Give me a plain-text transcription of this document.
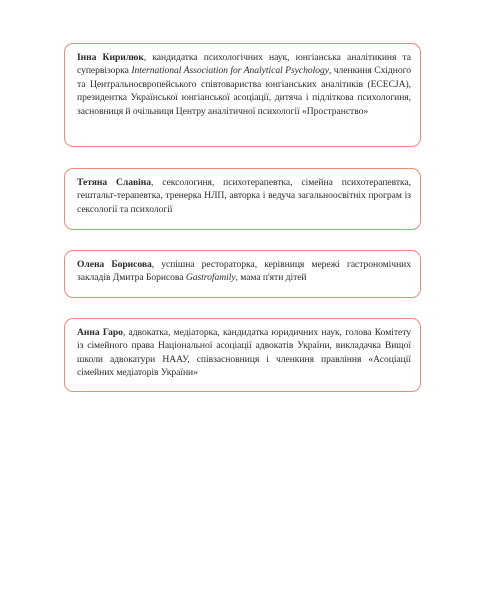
Інна Кирилюк, кандидатка психологічних наук, юнгіанська аналітикиня та супервізорка International Association for Analytical Psychology, членкиня Східного та Центральноєвропейського співтовариства юнгіанських аналітиків (ECECJA), президентка Української юнгіанської асоціації, дитяча і підліткова психологиня, засновниця й очільниця Центру аналітичної психології «Пространство»
Тетяна Славіна, сексологиня, психотерапевтка, сімейна психотерапевтка, гештальт-терапевтка, тренерка НЛП, авторка і ведуча загальноосвітніх програм із сексології та психології
Олена Борисова, успішна рестораторка, керівниця мережі гастрономічних закладів Дмитра Борисова Gastrofamily, мама п'яти дітей
Анна Гаро, адвокатка, медіаторка, кандидатка юридичних наук, голова Комітету із сімейного права Національної асоціації адвокатів України, викладачка Вищої школи адвокатури НААУ, співзасновниця і членкиня правління «Асоціації сімейних медіаторів України»
